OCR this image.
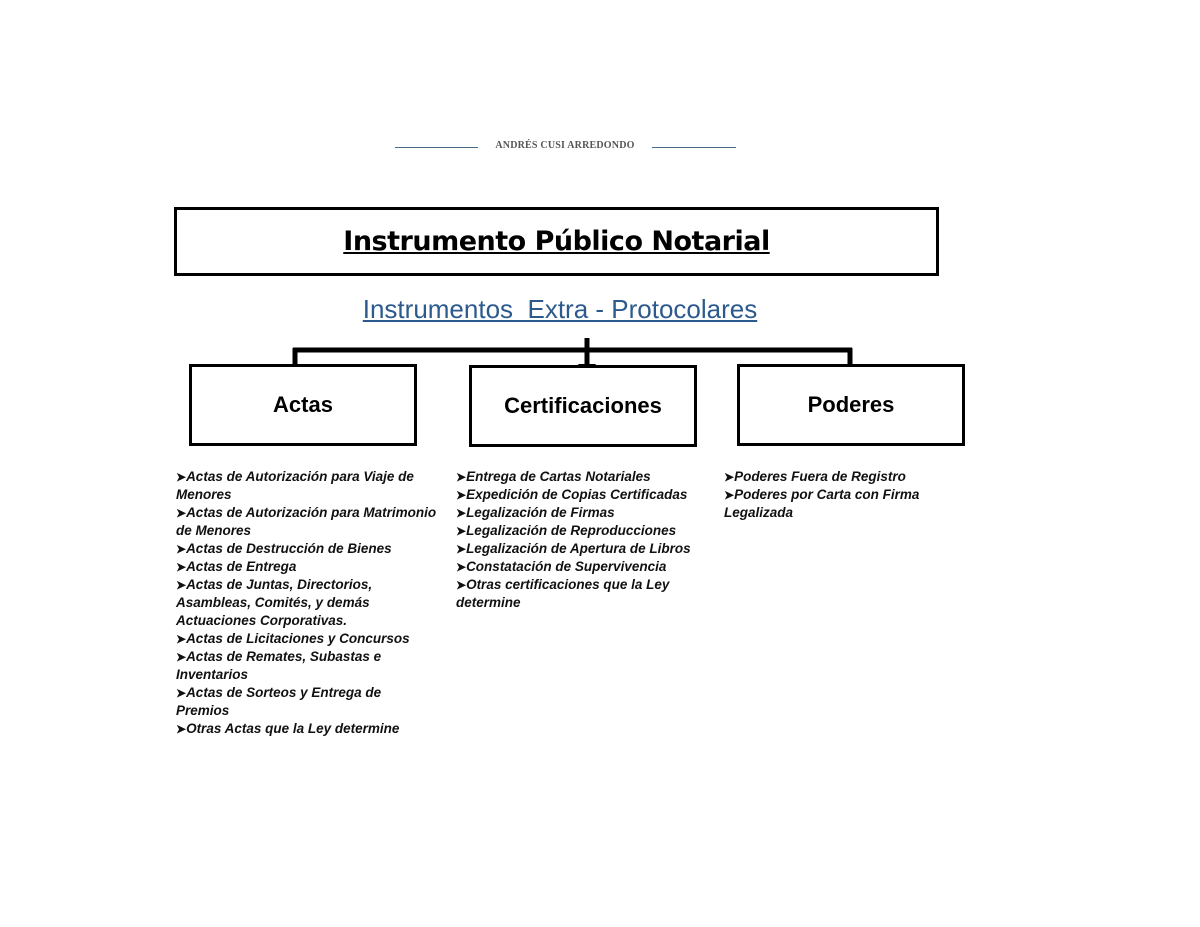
ANDRÉS CUSI ARREDONDO
Instrumento Público Notarial
Instrumentos  Extra - Protocolares
Actas	Certificaciones	Poderes
➤Actas de Autorización para Viaje de Menores
➤Actas de Autorización para Matrimonio de Menores
➤Actas de Destrucción de Bienes
➤Actas de Entrega
➤Actas de Juntas, Directorios, Asambleas, Comités, y demás Actuaciones Corporativas.
➤Actas de Licitaciones y Concursos
➤Actas de Remates, Subastas e Inventarios
➤Actas de Sorteos y Entrega de Premios
➤Otras Actas que la Ley determine
➤Entrega de Cartas Notariales
➤Expedición de Copias Certificadas
➤Legalización de Firmas
➤Legalización de Reproducciones
➤Legalización de Apertura de Libros
➤Constatación de Supervivencia
➤Otras certificaciones que la Ley determine
➤Poderes Fuera de Registro
➤Poderes por Carta con Firma Legalizada
